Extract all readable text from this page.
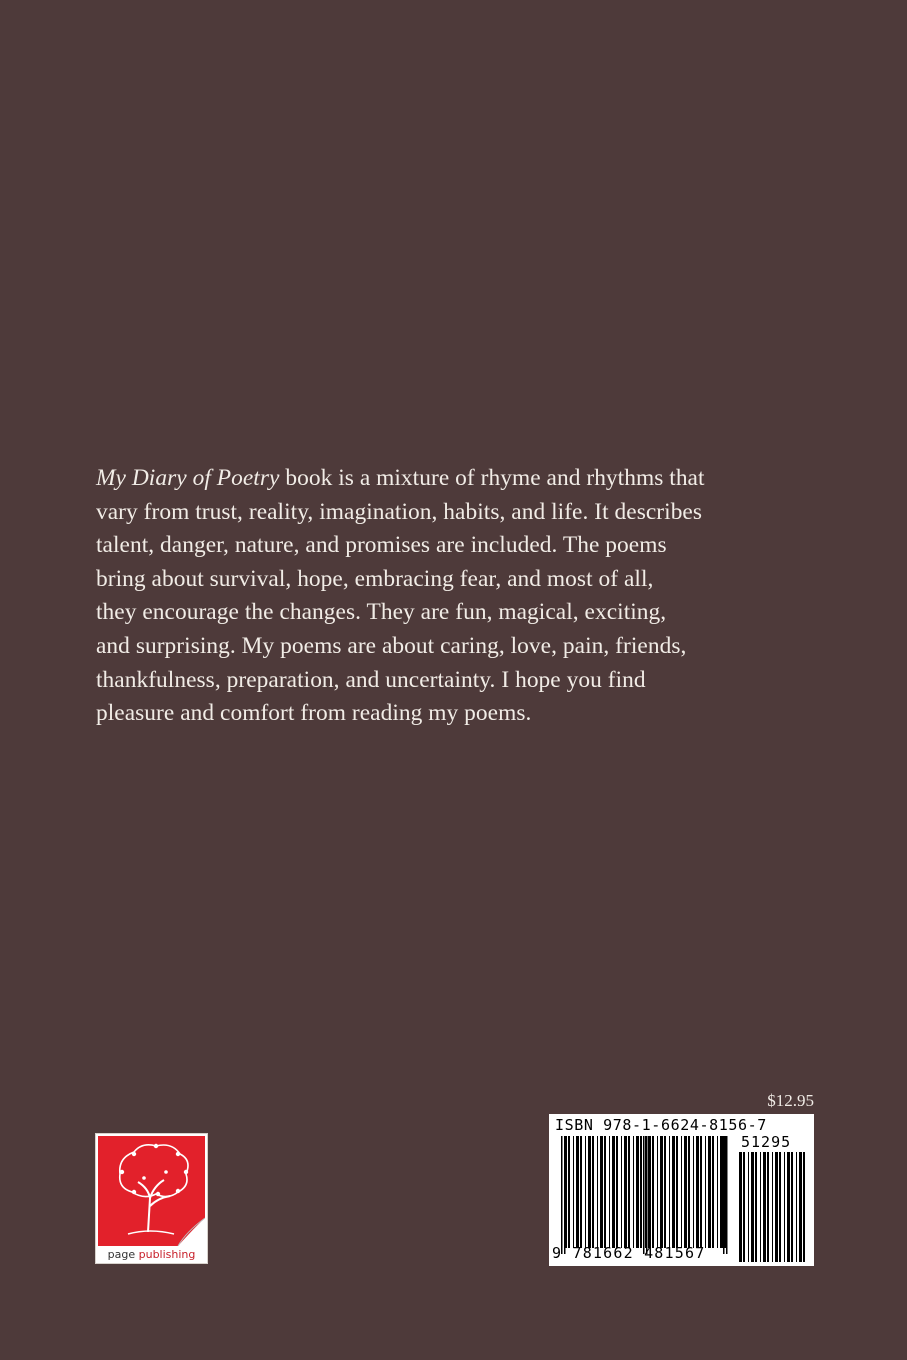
My Diary of Poetry book is a mixture of rhyme and rhythms that
vary from trust, reality, imagination, habits, and life. It describes
talent, danger, nature, and promises are included. The poems
bring about survival, hope, embracing fear, and most of all,
they encourage the changes. They are fun, magical, exciting,
and surprising. My poems are about caring, love, pain, friends,
thankfulness, preparation, and uncertainty. I hope you find
pleasure and comfort from reading my poems.
$12.95
ISBN 978-1-6624-8156-7
51295
9 781662 481567
page publishing
